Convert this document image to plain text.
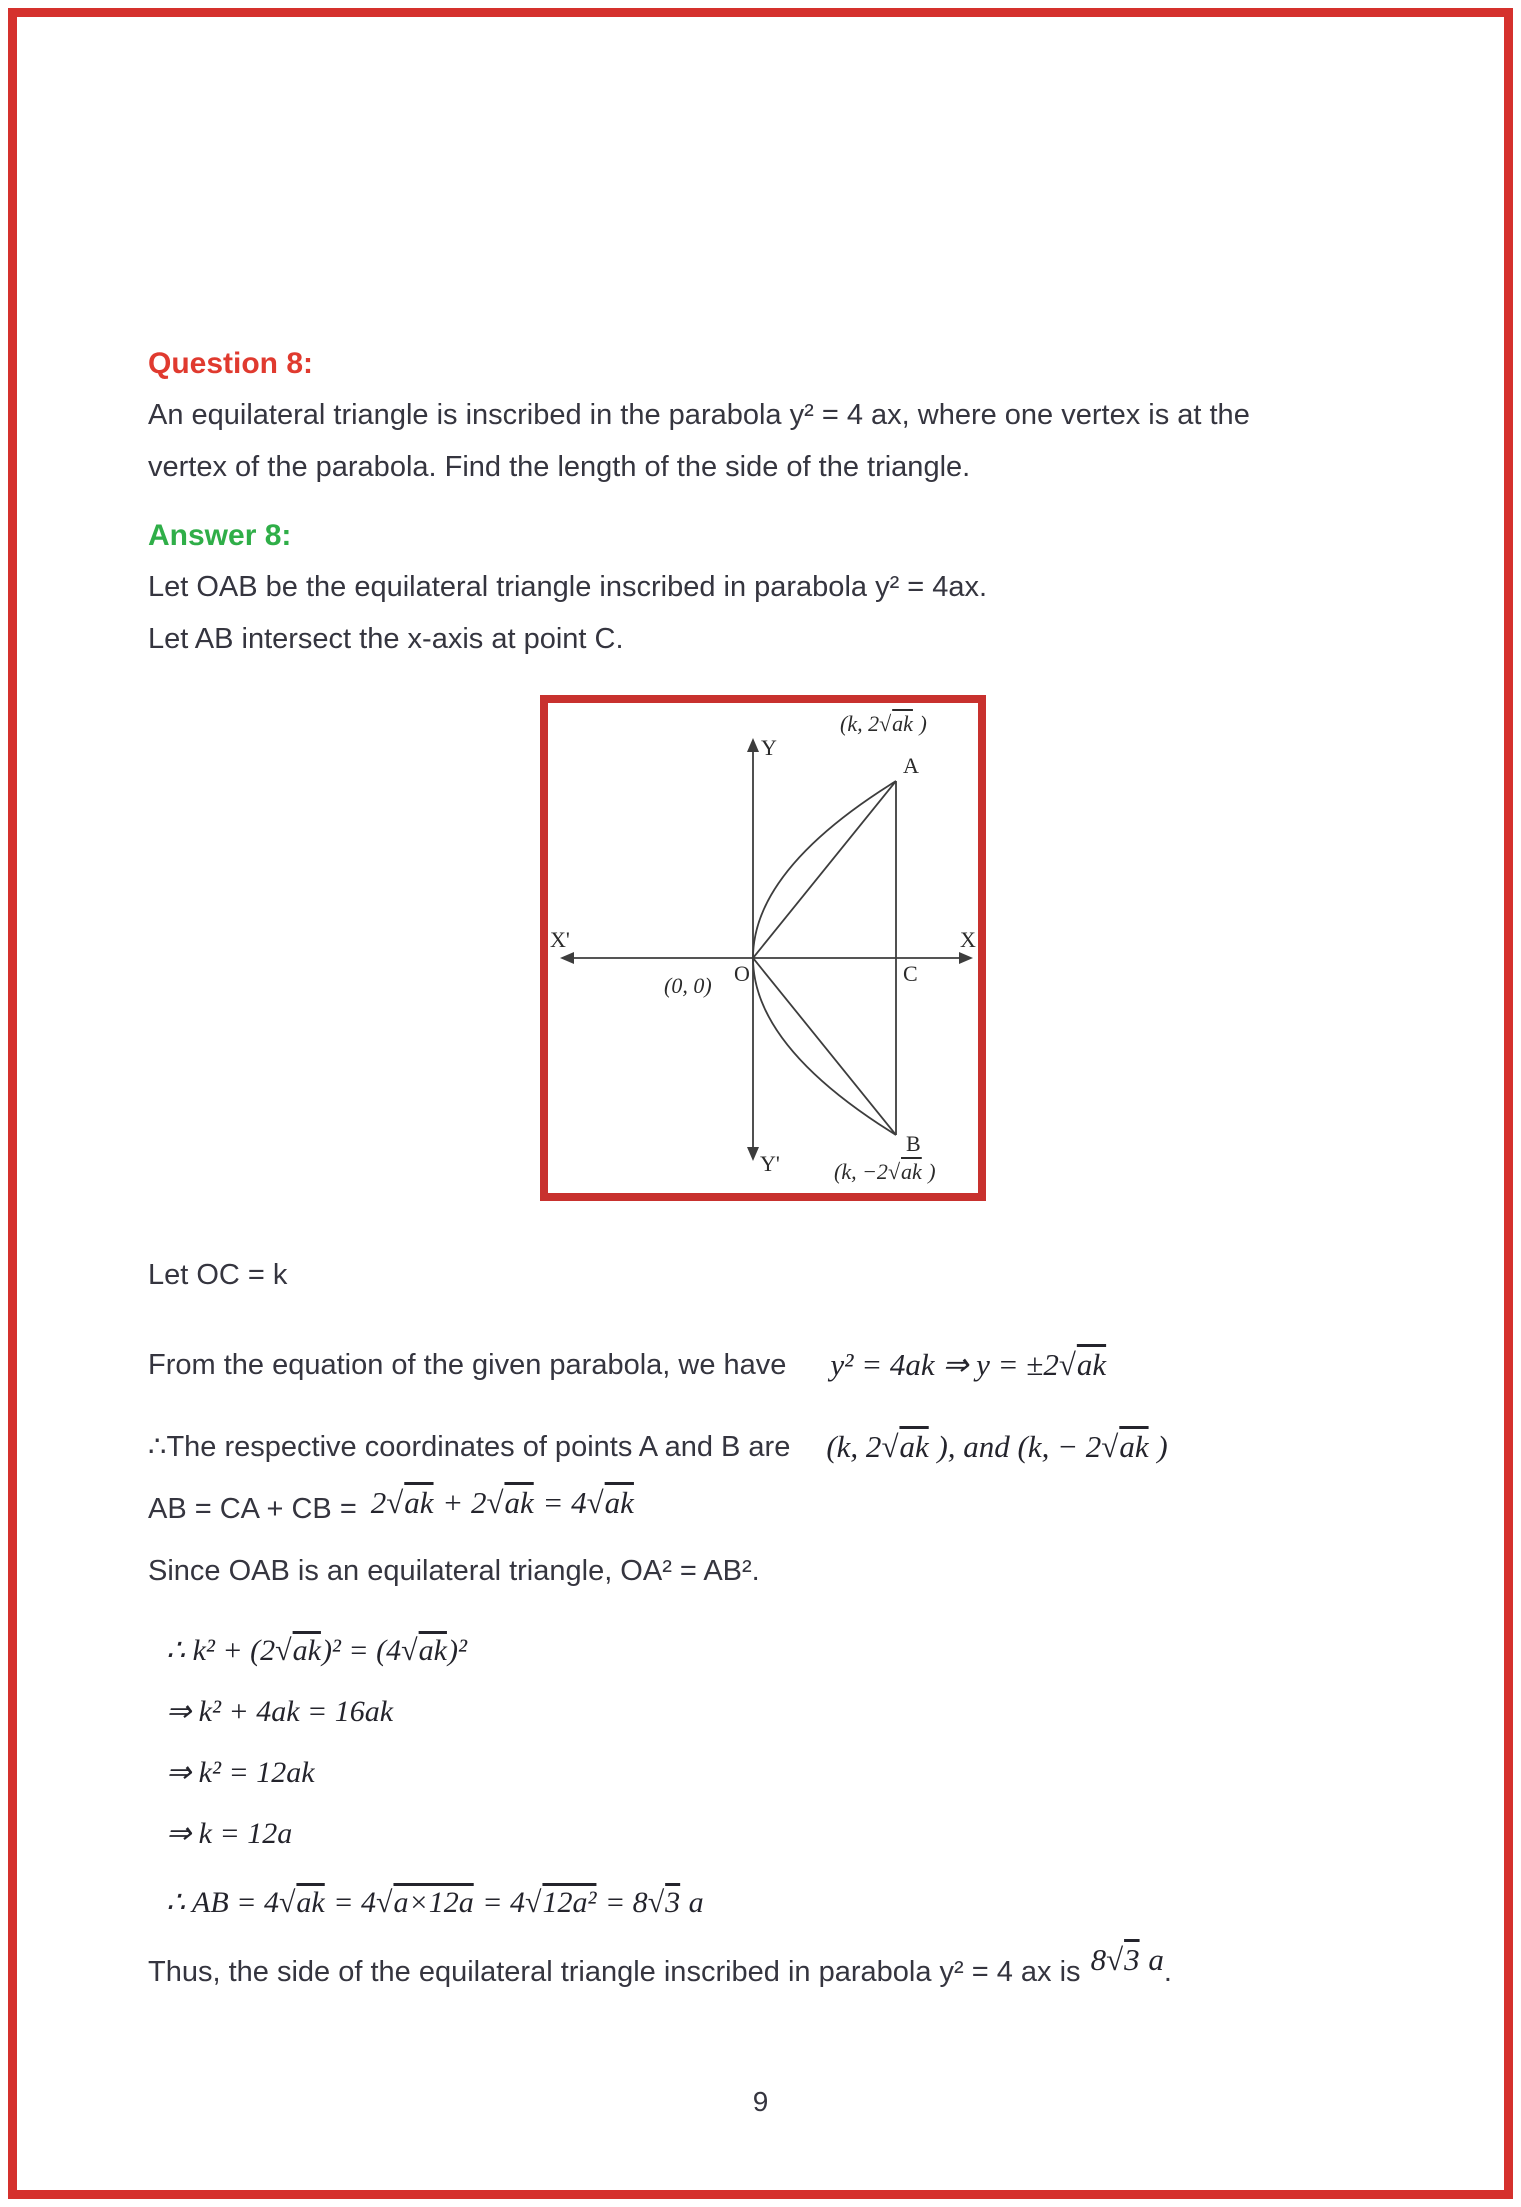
Question 8:
An equilateral triangle is inscribed in the parabola y² = 4 ax, where one vertex is at the
vertex of the parabola. Find the length of the side of the triangle.
Answer 8:
Let OAB be the equilateral triangle inscribed in parabola y² = 4ax.
Let AB intersect the x-axis at point C.
Y
Y'
X
X'
O
(0, 0)	C
A
B
(k, 2√ak )
(k, −2√ak )
Let OC = k
From the equation of the given parabola, we have y² = 4ak ⇒ y = ±2√ak
∴The respective coordinates of points A and B are (k, 2√ak ), and (k, − 2√ak )
AB = CA + CB = 2√ak + 2√ak = 4√ak
Since OAB is an equilateral triangle, OA² = AB².
∴ k² + (2√ak)² = (4√ak)²
⇒ k² + 4ak = 16ak
⇒ k² = 12ak
⇒ k = 12a
∴ AB = 4√ak = 4√a×12a = 4√12a² = 8√3 a
Thus, the side of the equilateral triangle inscribed in parabola y² = 4 ax is 8√3 a .
9
